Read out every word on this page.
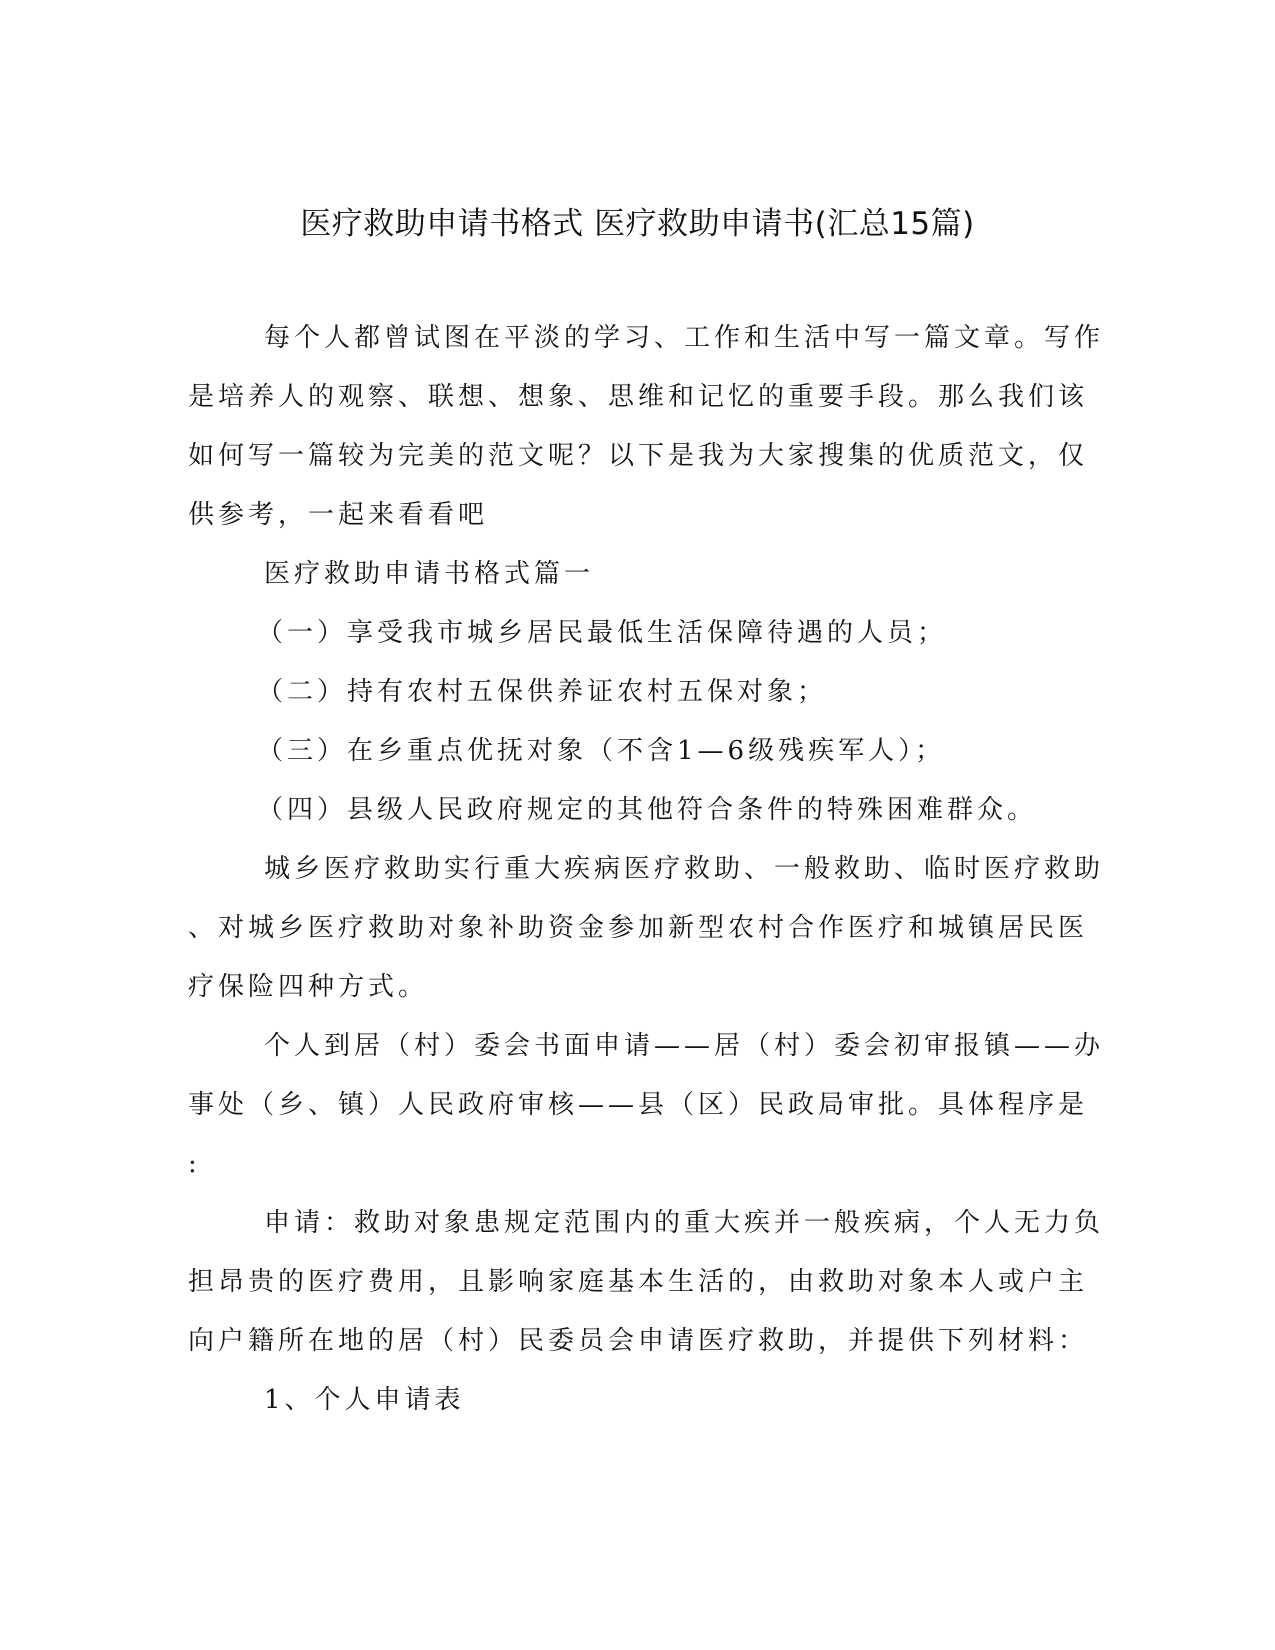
医疗救助申请书格式 医疗救助申请书(汇总15篇)
每个人都曾试图在平淡的学习、工作和生活中写一篇文章。写作
是培养人的观察、联想、想象、思维和记忆的重要手段。那么我们该
如何写一篇较为完美的范文呢？以下是我为大家搜集的优质范文，仅
供参考，一起来看看吧
医疗救助申请书格式篇一
（一）享受我市城乡居民最低生活保障待遇的人员；
（二）持有农村五保供养证农村五保对象；
（三）在乡重点优抚对象（不含1—6级残疾军人）；
（四）县级人民政府规定的其他符合条件的特殊困难群众。
城乡医疗救助实行重大疾病医疗救助、一般救助、临时医疗救助
、对城乡医疗救助对象补助资金参加新型农村合作医疗和城镇居民医
疗保险四种方式。
个人到居（村）委会书面申请——居（村）委会初审报镇——办
事处（乡、镇）人民政府审核——县（区）民政局审批。具体程序是
:
申请：救助对象患规定范围内的重大疾并一般疾病，个人无力负
担昂贵的医疗费用，且影响家庭基本生活的，由救助对象本人或户主
向户籍所在地的居（村）民委员会申请医疗救助，并提供下列材料：
1、个人申请表
